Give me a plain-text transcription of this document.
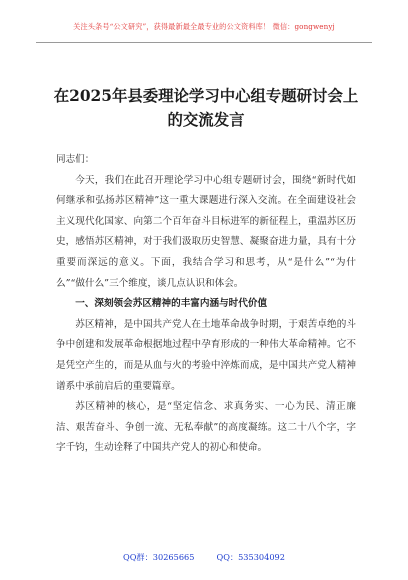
关注头条号“公文研究”，获得最新最全最专业的公文资料库！ 微信：gongwenyj
在2025年县委理论学习中心组专题研讨会上的交流发言

同志们：

今天，我们在此召开理论学习中心组专题研讨会，围绕“新时代如何继承和弘扬苏区精神”这一重大课题进行深入交流。在全面建设社会主义现代化国家、向第二个百年奋斗目标进军的新征程上，重温苏区历史，感悟苏区精神，对于我们汲取历史智慧、凝聚奋进力量，具有十分重要而深远的意义。下面，我结合学习和思考，从“是什么”“为什么”“做什么”三个维度，谈几点认识和体会。

一、深刻领会苏区精神的丰富内涵与时代价值

苏区精神，是中国共产党人在土地革命战争时期，于艰苦卓绝的斗争中创建和发展革命根据地过程中孕育形成的一种伟大革命精神。它不是凭空产生的，而是从血与火的考验中淬炼而成，是中国共产党人精神谱系中承前启后的重要篇章。

苏区精神的核心，是“坚定信念、求真务实、一心为民、清正廉洁、艰苦奋斗、争创一流、无私奉献”的高度凝练。这二十八个字，字字千钧，生动诠释了中国共产党人的初心和使命。

QQ群：30265665	QQ：535304092
